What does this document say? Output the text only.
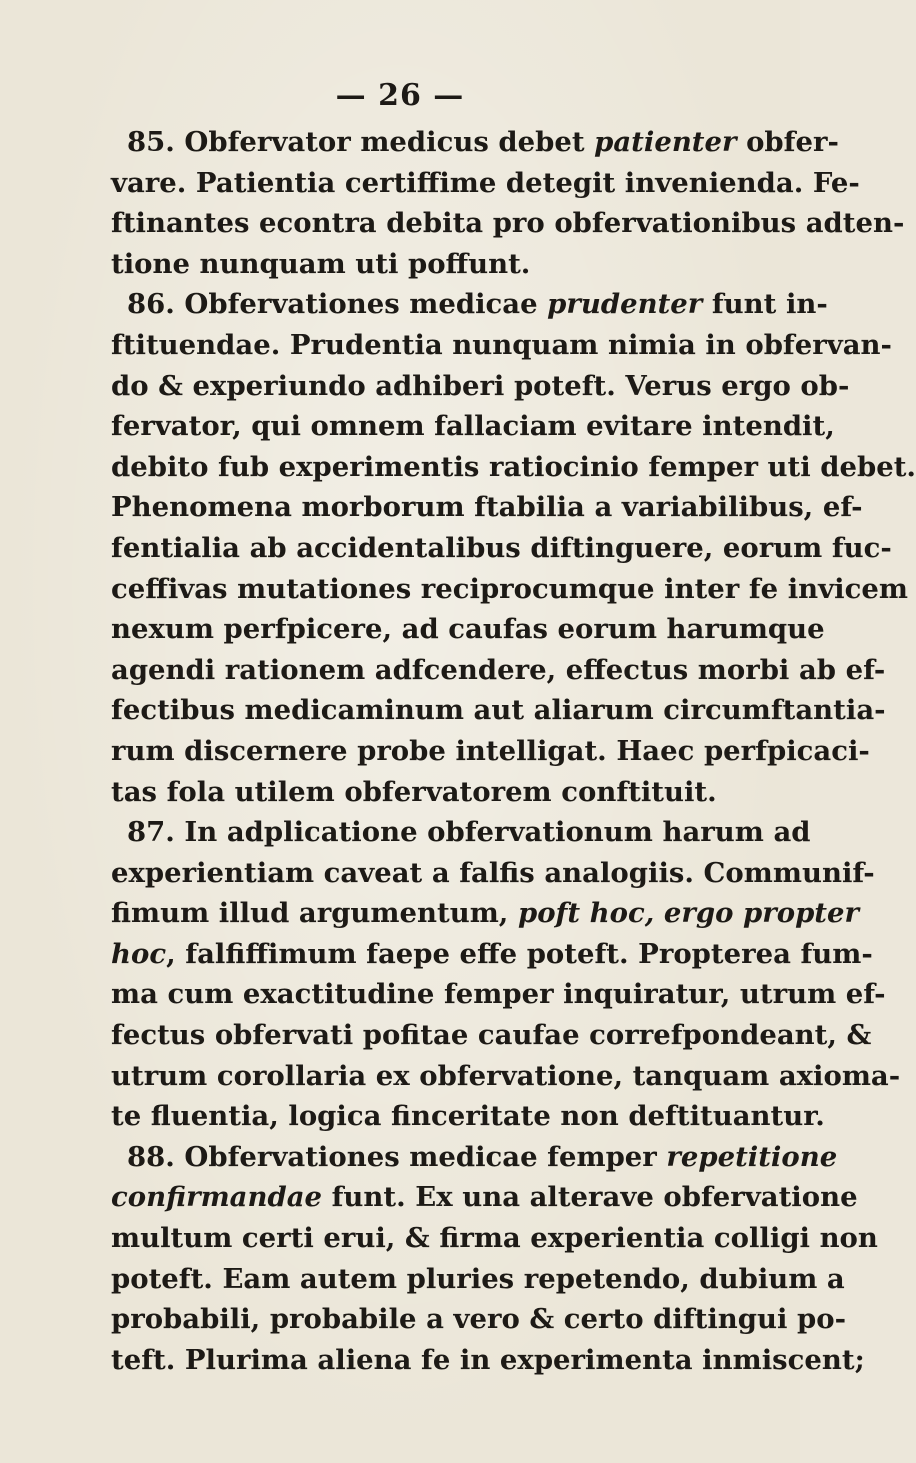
— 26 —
85. Obfervator medicus debet patienter obfer-
vare. Patientia certiffime detegit invenienda. Fe-
ftinantes econtra debita pro obfervationibus adten-
tione nunquam uti poffunt.
86. Obfervationes medicae prudenter funt in-
ftituendae. Prudentia nunquam nimia in obfervan-
do & experiundo adhiberi poteft. Verus ergo ob-
fervator, qui omnem fallaciam evitare intendit,
debito fub experimentis ratiocinio femper uti debet.
Phenomena morborum ftabilia a variabilibus, ef-
fentialia ab accidentalibus diftinguere, eorum fuc-
ceffivas mutationes reciprocumque inter fe invicem
nexum perfpicere, ad caufas eorum harumque
agendi rationem adfcendere, effectus morbi ab ef-
fectibus medicaminum aut aliarum circumftantia-
rum discernere probe intelligat. Haec perfpicaci-
tas fola utilem obfervatorem conftituit.
87. In adplicatione obfervationum harum ad
experientiam caveat a falfis analogiis. Communif-
fimum illud argumentum, poft hoc, ergo propter
hoc, falfiffimum faepe effe poteft. Propterea fum-
ma cum exactitudine femper inquiratur, utrum ef-
fectus obfervati pofitae caufae correfpondeant, &
utrum corollaria ex obfervatione, tanquam axioma-
te fluentia, logica finceritate non deftituantur.
88. Obfervationes medicae femper repetitione
confirmandae funt. Ex una alterave obfervatione
multum certi erui, & firma experientia colligi non
poteft. Eam autem pluries repetendo, dubium a
probabili, probabile a vero & certo diftingui po-
teft. Plurima aliena fe in experimenta inmiscent;
